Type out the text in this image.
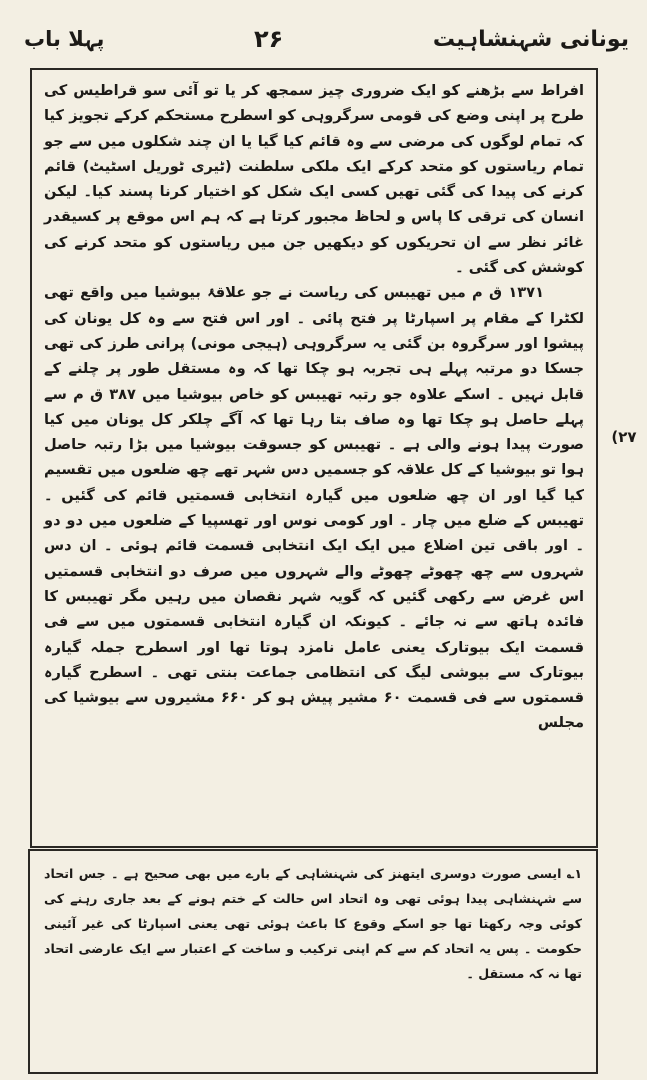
یونانی شہنشاہیت
۲۶
پہلا باب

افراط سے بڑھنے کو ایک ضروری چیز سمجھ کر یا تو آئی سو قراطیس کی طرح پر اپنی وضع کی قومی سرگروہی کو اسطرح مستحکم کرکے تجویز کیا کہ تمام لوگوں کی مرضی سے وہ قائم کیا گیا یا ان چند شکلوں میں سے جو تمام ریاستوں کو متحد کرکے ایک ملکی سلطنت (ٹیری ٹوریل اسٹیٹ) قائم کرنے کی پیدا کی گئی تھیں کسی ایک شکل کو اختیار کرنا پسند کیا۔ لیکن انسان کی ترقی کا پاس و لحاظ مجبور کرتا ہے کہ ہم اس موقع پر کسیقدر غائر نظر سے ان تحریکوں کو دیکھیں جن میں ریاستوں کو متحد کرنے کی کوشش کی گئی ۔

۱۳۷۱ ق م میں تھیبس کی ریاست نے جو علاقۂ بیوشیا میں واقع تھی لکٹرا کے مقام پر اسپارٹا پر فتح پائی ۔ اور اس فتح سے وہ کل یونان کی پیشوا اور سرگروہ بن گئی یہ سرگروہی (ہیجی مونی) پرانی طرز کی تھی جسکا دو مرتبہ پہلے ہی تجربہ ہو چکا تھا کہ وہ مستقل طور پر چلنے کے قابل نہیں ۔ اسکے علاوہ جو رتبہ تھیبس کو خاص بیوشیا میں ۳۸۷ ق م سے پہلے حاصل ہو چکا تھا وہ صاف بتا رہا تھا کہ آگے چلکر کل یونان میں کیا صورت پیدا ہونے والی ہے ۔ تھیبس کو جسوقت بیوشیا میں بڑا رتبہ حاصل ہوا تو بیوشیا کے کل علاقہ کو جسمیں دس شہر تھے چھ ضلعوں میں تقسیم کیا گیا اور ان چھ ضلعوں میں گیارہ انتخابی قسمتیں قائم کی گئیں ۔ تھیبس کے ضلع میں چار ۔ اور کومی نوس اور تھسپیا کے ضلعوں میں دو دو ۔ اور باقی تین اضلاع میں ایک ایک انتخابی قسمت قائم ہوئی ۔ ان دس شہروں سے چھ چھوٹے چھوٹے والے شہروں میں صرف دو انتخابی قسمتیں اس غرض سے رکھی گئیں کہ گویہ شہر نقصان میں رہیں مگر تھیبس کا فائدہ ہاتھ سے نہ جائے ۔ کیونکہ ان گیارہ انتخابی قسمتوں میں سے فی قسمت ایک بیوتارک یعنی عامل نامزد ہوتا تھا اور اسطرح جملہ گیارہ بیوتارک سے بیوشی لیگ کی انتظامی جماعت بنتی تھی ۔ اسطرح گیارہ قسمتوں سے فی قسمت ۶۰ مشیر پیش ہو کر ۶۶۰ مشیروں سے بیوشیا کی مجلس

(۲۷
۱؎ ایسی صورت دوسری ایتھنز کی شہنشاہی کے بارے میں بھی صحیح ہے ۔ جس اتحاد سے شہنشاہی پیدا ہوئی تھی وہ اتحاد اس حالت کے ختم ہونے کے بعد جاری رہنے کی کوئی وجہ رکھتا تھا جو اسکے وقوع کا باعث ہوئی تھی یعنی اسپارٹا کی غیر آئینی حکومت ۔ پس یہ اتحاد کم سے کم اپنی ترکیب و ساخت کے اعتبار سے ایک عارضی اتحاد تھا نہ کہ مستقل ۔
